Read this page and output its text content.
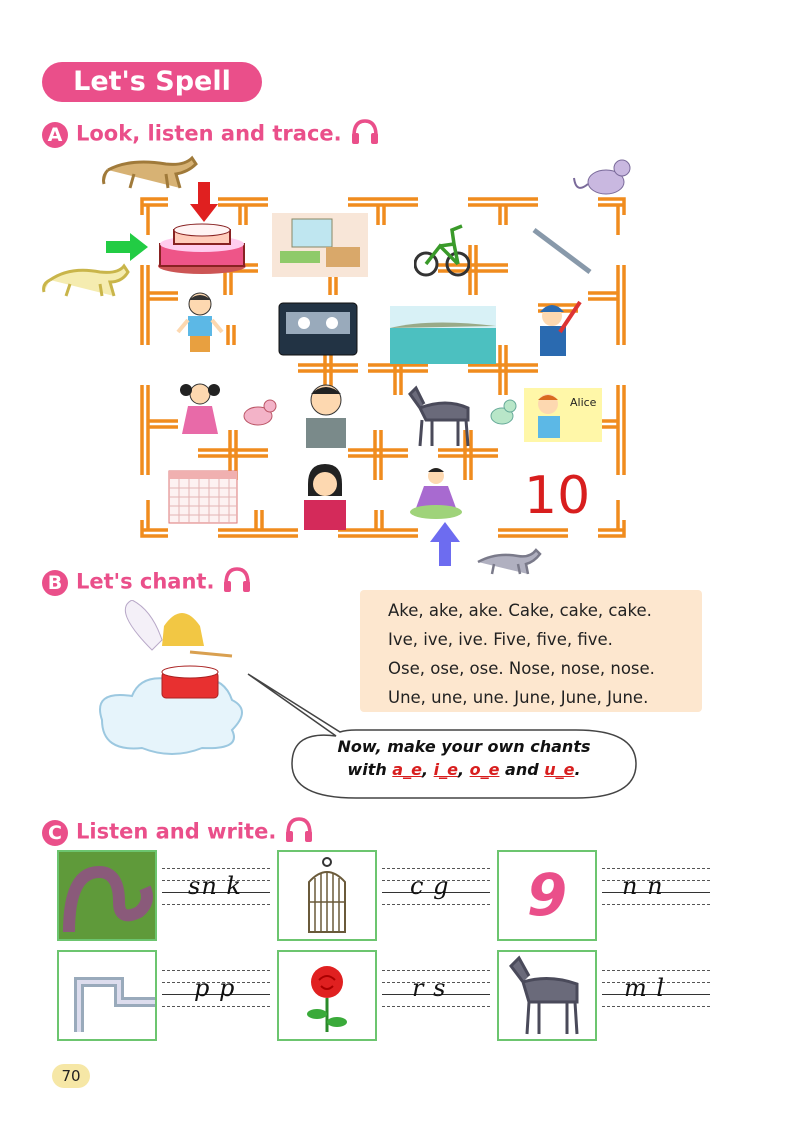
Let's Spell
A Look, listen and trace.
Alice
10
B Let's chant.
Ake, ake, ake. Cake, cake, cake.
Ive, ive, ive. Five, five, five.
Ose, ose, ose. Nose, nose, nose.
Une, une, une. June, June, June.
Now, make your own chants
with a_e, i_e, o_e and u_e.
C Listen and write.
sn k	c g	9	n n
p p	r s	m l
70
